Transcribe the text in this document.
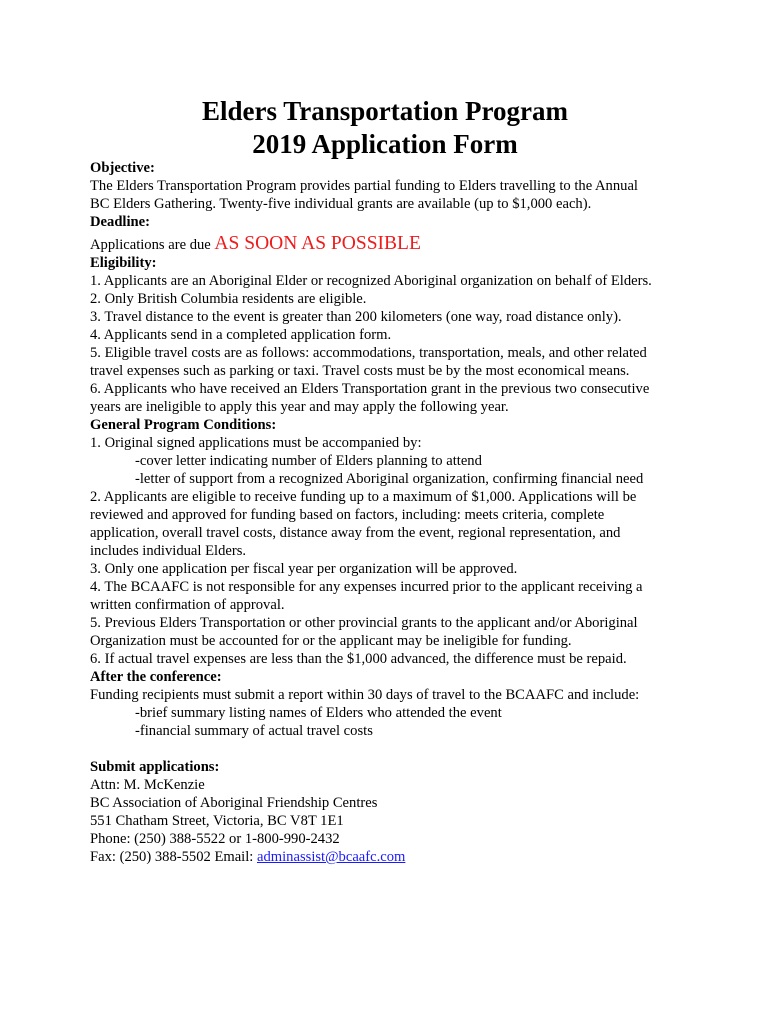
Elders Transportation Program
2019 Application Form
Objective:
The Elders Transportation Program provides partial funding to Elders travelling to the Annual
BC Elders Gathering. Twenty-five individual grants are available (up to $1,000 each).
Deadline:
Applications are due AS SOON AS POSSIBLE
Eligibility:
1. Applicants are an Aboriginal Elder or recognized Aboriginal organization on behalf of Elders.
2. Only British Columbia residents are eligible.
3. Travel distance to the event is greater than 200 kilometers (one way, road distance only).
4. Applicants send in a completed application form.
5. Eligible travel costs are as follows: accommodations, transportation, meals, and other related
travel expenses such as parking or taxi. Travel costs must be by the most economical means.
6. Applicants who have received an Elders Transportation grant in the previous two consecutive
years are ineligible to apply this year and may apply the following year.
General Program Conditions:
1. Original signed applications must be accompanied by:
-cover letter indicating number of Elders planning to attend
-letter of support from a recognized Aboriginal organization, confirming financial need
2. Applicants are eligible to receive funding up to a maximum of $1,000. Applications will be
reviewed and approved for funding based on factors, including: meets criteria, complete
application, overall travel costs, distance away from the event, regional representation, and
includes individual Elders.
3. Only one application per fiscal year per organization will be approved.
4. The BCAAFC is not responsible for any expenses incurred prior to the applicant receiving a
written confirmation of approval.
5. Previous Elders Transportation or other provincial grants to the applicant and/or Aboriginal
Organization must be accounted for or the applicant may be ineligible for funding.
6. If actual travel expenses are less than the $1,000 advanced, the difference must be repaid.
After the conference:
Funding recipients must submit a report within 30 days of travel to the BCAAFC and include:
-brief summary listing names of Elders who attended the event
-financial summary of actual travel costs
Submit applications:
Attn: M. McKenzie
BC Association of Aboriginal Friendship Centres
551 Chatham Street, Victoria, BC V8T 1E1
Phone: (250) 388-5522 or 1-800-990-2432
Fax: (250) 388-5502 Email: adminassist@bcaafc.com
